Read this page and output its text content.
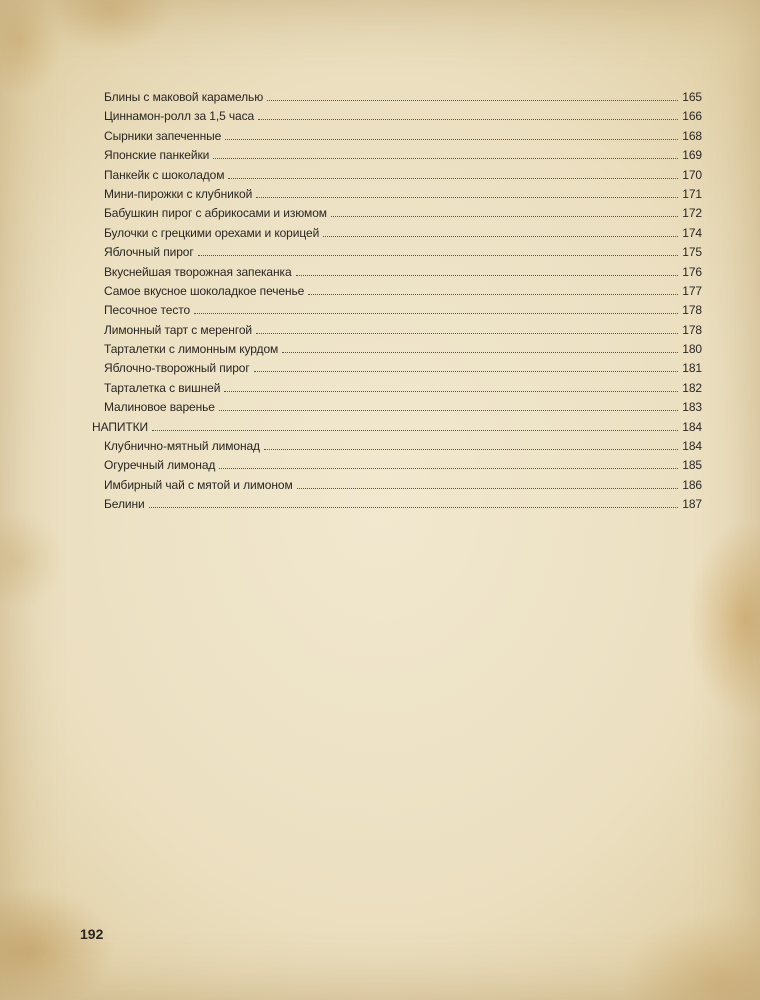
Блины с маковой карамелью	165
Циннамон-ролл за 1,5 часа	166
Сырники запеченные	168
Японские панкейки	169
Панкейк с шоколадом	170
Мини-пирожки с клубникой	171
Бабушкин пирог с абрикосами и изюмом	172
Булочки с грецкими орехами и корицей	174
Яблочный пирог	175
Вкуснейшая творожная запеканка	176
Самое вкусное шоколадкое печенье	177
Песочное тесто	178
Лимонный тарт с меренгой	178
Тарталетки с лимонным курдом	180
Яблочно-творожный пирог	181
Тарталетка с вишней	182
Малиновое варенье	183
НАПИТКИ	184
Клубнично-мятный лимонад	184
Огуречный лимонад	185
Имбирный чай с мятой и лимоном	186
Белини	187
192
